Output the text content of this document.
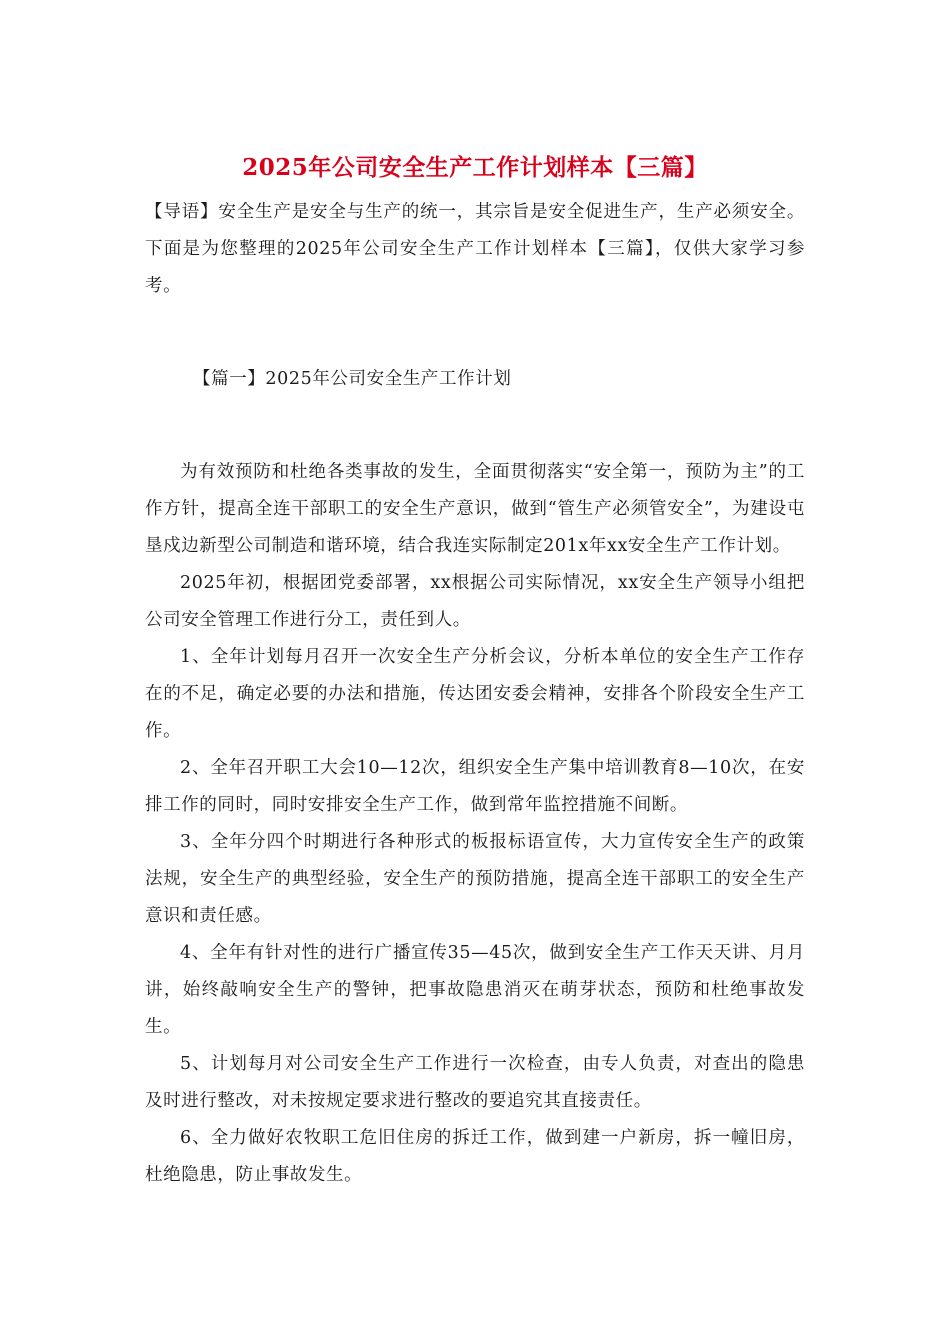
2025年公司安全生产工作计划样本【三篇】

【导语】安全生产是安全与生产的统一，其宗旨是安全促进生产，生产必须安全。下面是为您整理的2025年公司安全生产工作计划样本【三篇】，仅供大家学习参考。

【篇一】2025年公司安全生产工作计划

为有效预防和杜绝各类事故的发生，全面贯彻落实“安全第一，预防为主”的工作方针，提高全连干部职工的安全生产意识，做到“管生产必须管安全”，为建设屯垦戍边新型公司制造和谐环境，结合我连实际制定201x年xx安全生产工作计划。

2025年初，根据团党委部署，xx根据公司实际情况，xx安全生产领导小组把公司安全管理工作进行分工，责任到人。

1、全年计划每月召开一次安全生产分析会议，分析本单位的安全生产工作存在的不足，确定必要的办法和措施，传达团安委会精神，安排各个阶段安全生产工作。

2、全年召开职工大会10—12次，组织安全生产集中培训教育8—10次，在安排工作的同时，同时安排安全生产工作，做到常年监控措施不间断。

3、全年分四个时期进行各种形式的板报标语宣传，大力宣传安全生产的政策法规，安全生产的典型经验，安全生产的预防措施，提高全连干部职工的安全生产意识和责任感。

4、全年有针对性的进行广播宣传35—45次，做到安全生产工作天天讲、月月讲，始终敲响安全生产的警钟，把事故隐患消灭在萌芽状态，预防和杜绝事故发生。

5、计划每月对公司安全生产工作进行一次检查，由专人负责，对查出的隐患及时进行整改，对未按规定要求进行整改的要追究其直接责任。

6、全力做好农牧职工危旧住房的拆迁工作，做到建一户新房，拆一幢旧房，杜绝隐患，防止事故发生。
